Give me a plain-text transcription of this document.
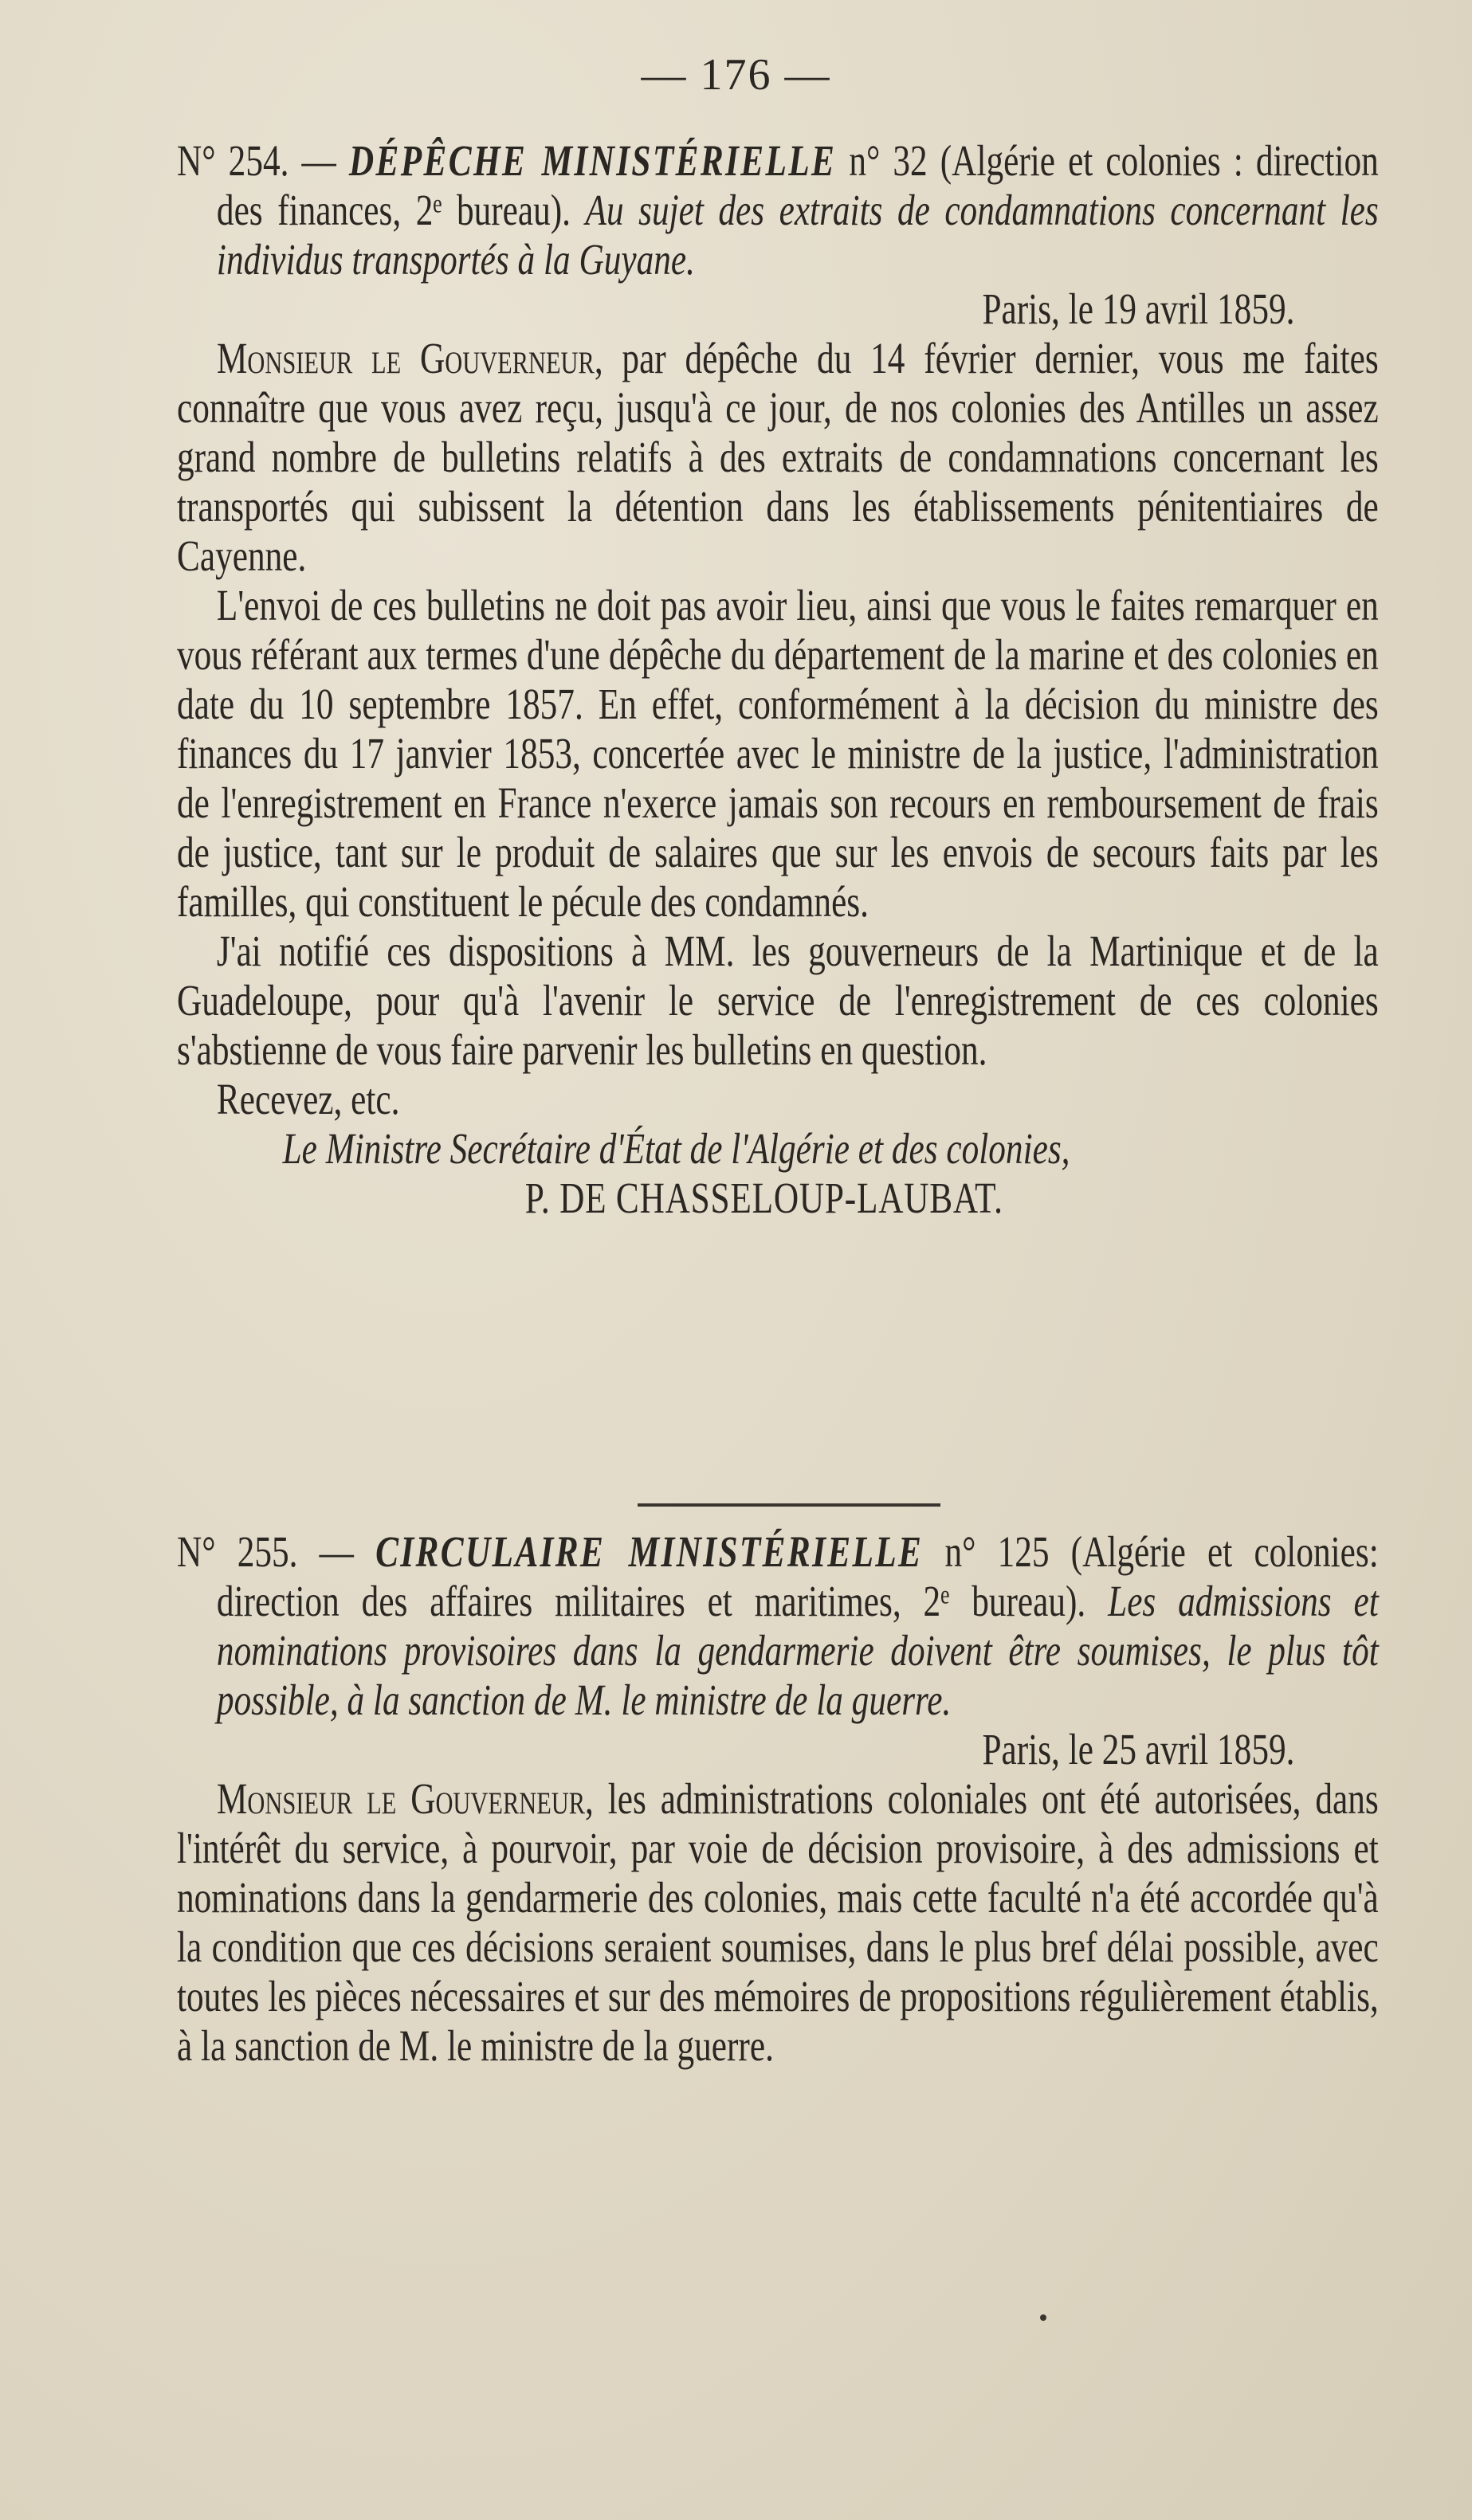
— 176 —
N° 254. — DÉPÊCHE MINISTÉRIELLE n° 32 (Algérie et colonies : direction des finances, 2ᵉ bureau). Au sujet des extraits de condamnations concernant les individus transportés à la Guyane.
Paris, le 19 avril 1859.

Monsieur le Gouverneur, par dépêche du 14 février dernier, vous me faites connaître que vous avez reçu, jusqu'à ce jour, de nos colonies des Antilles un assez grand nombre de bulletins relatifs à des extraits de condamnations concernant les transportés qui subissent la détention dans les établissements pénitentiaires de Cayenne.

L'envoi de ces bulletins ne doit pas avoir lieu, ainsi que vous le faites remarquer en vous référant aux termes d'une dépêche du département de la marine et des colonies en date du 10 septembre 1857. En effet, conformément à la décision du ministre des finances du 17 janvier 1853, concertée avec le ministre de la justice, l'administration de l'enregistrement en France n'exerce jamais son recours en remboursement de frais de justice, tant sur le produit de salaires que sur les envois de secours faits par les familles, qui constituent le pécule des condamnés.

J'ai notifié ces dispositions à MM. les gouverneurs de la Martinique et de la Guadeloupe, pour qu'à l'avenir le service de l'enregistrement de ces colonies s'abstienne de vous faire parvenir les bulletins en question.

Recevez, etc.

Le Ministre Secrétaire d'État de l'Algérie et des colonies,
P. DE CHASSELOUP-LAUBAT.
N° 255. — CIRCULAIRE MINISTÉRIELLE n° 125 (Algérie et colonies: direction des affaires militaires et maritimes, 2ᵉ bureau). Les admissions et nominations provisoires dans la gendarmerie doivent être soumises, le plus tôt possible, à la sanction de M. le ministre de la guerre.
Paris, le 25 avril 1859.

Monsieur le Gouverneur, les administrations coloniales ont été autorisées, dans l'intérêt du service, à pourvoir, par voie de décision provisoire, à des admissions et nominations dans la gendarmerie des colonies, mais cette faculté n'a été accordée qu'à la condition que ces décisions seraient soumises, dans le plus bref délai possible, avec toutes les pièces nécessaires et sur des mémoires de propositions régulièrement établis, à la sanction de M. le ministre de la guerre.
